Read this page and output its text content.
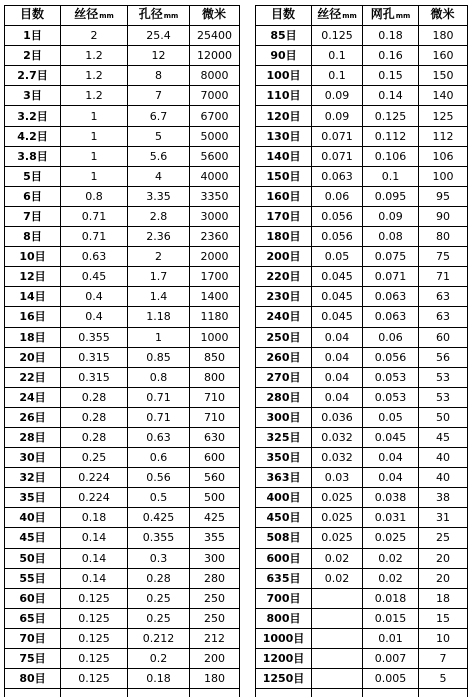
目数	丝径mm	孔径mm	微米		目数	丝径mm	网孔mm	微米
1目	2	25.4	25400		85目	0.125	0.18	180
2目	1.2	12	12000		90目	0.1	0.16	160
2.7目	1.2	8	8000		100目	0.1	0.15	150
3目	1.2	7	7000		110目	0.09	0.14	140
3.2目	1	6.7	6700		120目	0.09	0.125	125
4.2目	1	5	5000		130目	0.071	0.112	112
3.8目	1	5.6	5600		140目	0.071	0.106	106
5目	1	4	4000		150目	0.063	0.1	100
6目	0.8	3.35	3350		160目	0.06	0.095	95
7目	0.71	2.8	3000		170目	0.056	0.09	90
8目	0.71	2.36	2360		180目	0.056	0.08	80
10目	0.63	2	2000		200目	0.05	0.075	75
12目	0.45	1.7	1700		220目	0.045	0.071	71
14目	0.4	1.4	1400		230目	0.045	0.063	63
16目	0.4	1.18	1180		240目	0.045	0.063	63
18目	0.355	1	1000		250目	0.04	0.06	60
20目	0.315	0.85	850		260目	0.04	0.056	56
22目	0.315	0.8	800		270目	0.04	0.053	53
24目	0.28	0.71	710		280目	0.04	0.053	53
26目	0.28	0.71	710		300目	0.036	0.05	50
28目	0.28	0.63	630		325目	0.032	0.045	45
30目	0.25	0.6	600		350目	0.032	0.04	40
32目	0.224	0.56	560		363目	0.03	0.04	40
35目	0.224	0.5	500		400目	0.025	0.038	38
40目	0.18	0.425	425		450目	0.025	0.031	31
45目	0.14	0.355	355		508目	0.025	0.025	25
50目	0.14	0.3	300		600目	0.02	0.02	20
55目	0.14	0.28	280		635目	0.02	0.02	20
60目	0.125	0.25	250		700目		0.018	18
65目	0.125	0.25	250		800目		0.015	15
70目	0.125	0.212	212		1000目		0.01	10
75目	0.125	0.2	200		1200目		0.007	7
80目	0.125	0.18	180		1250目		0.005	5
